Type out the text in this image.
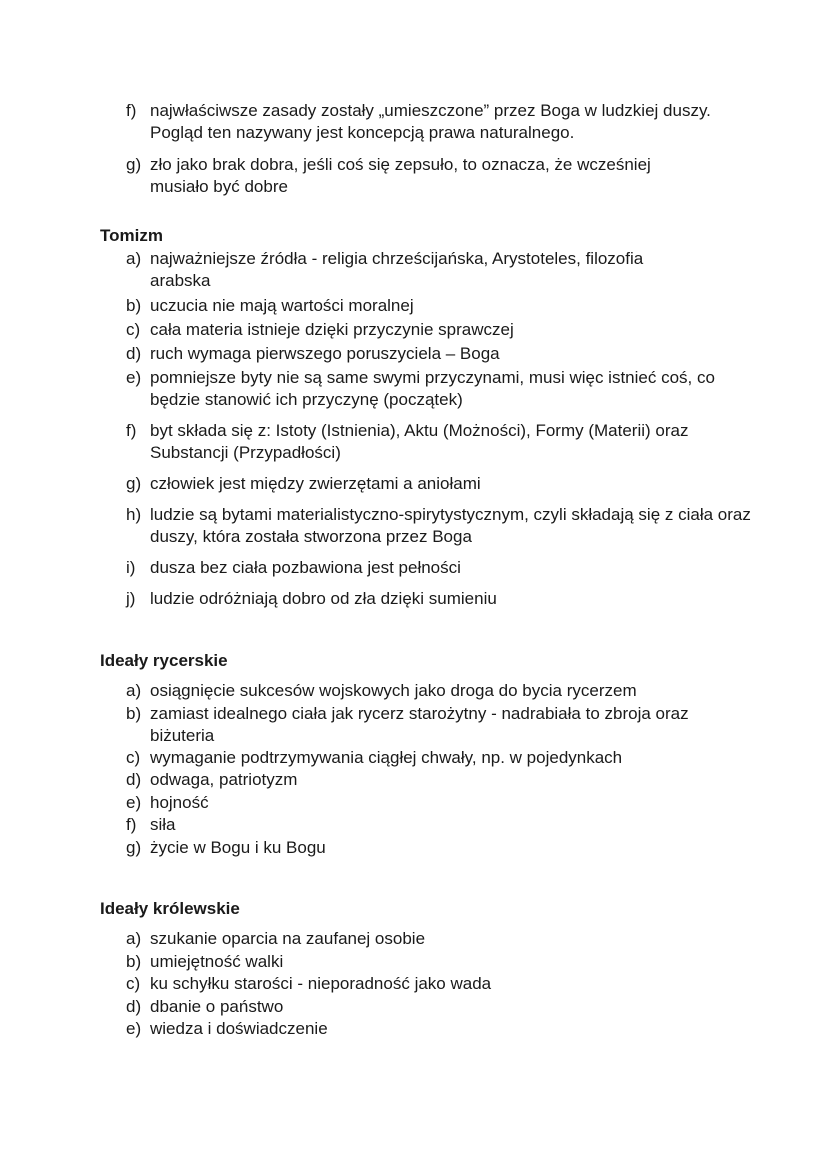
f) najwłaściwsze zasady zostały „umieszczone” przez Boga w ludzkiej duszy. Pogląd ten nazywany jest koncepcją prawa naturalnego.
g) zło jako brak dobra, jeśli coś się zepsuło, to oznacza, że wcześniej musiało być dobre
Tomizm
a) najważniejsze źródła - religia chrześcijańska, Arystoteles, filozofia arabska
b) uczucia nie mają wartości moralnej
c) cała materia istnieje dzięki przyczynie sprawczej
d) ruch wymaga pierwszego poruszyciela – Boga
e) pomniejsze byty nie są same swymi przyczynami, musi więc istnieć coś, co będzie stanowić ich przyczynę (początek)
f) byt składa się z: Istoty (Istnienia), Aktu (Możności), Formy (Materii) oraz Substancji (Przypadłości)
g) człowiek jest między zwierzętami a aniołami
h) ludzie są bytami materialistyczno-spirytystycznym, czyli składają się z ciała oraz duszy, która została stworzona przez Boga
i) dusza bez ciała pozbawiona jest pełności
j) ludzie odróżniają dobro od zła dzięki sumieniu
Ideały rycerskie
a) osiągnięcie sukcesów wojskowych jako droga do bycia rycerzem
b) zamiast idealnego ciała jak rycerz starożytny - nadrabiała to zbroja oraz biżuteria
c) wymaganie podtrzymywania ciągłej chwały, np. w pojedynkach
d) odwaga, patriotyzm
e) hojność
f) siła
g) życie w Bogu i ku Bogu
Ideały królewskie
a) szukanie oparcia na zaufanej osobie
b) umiejętność walki
c) ku schyłku starości - nieporadność jako wada
d) dbanie o państwo
e) wiedza i doświadczenie
